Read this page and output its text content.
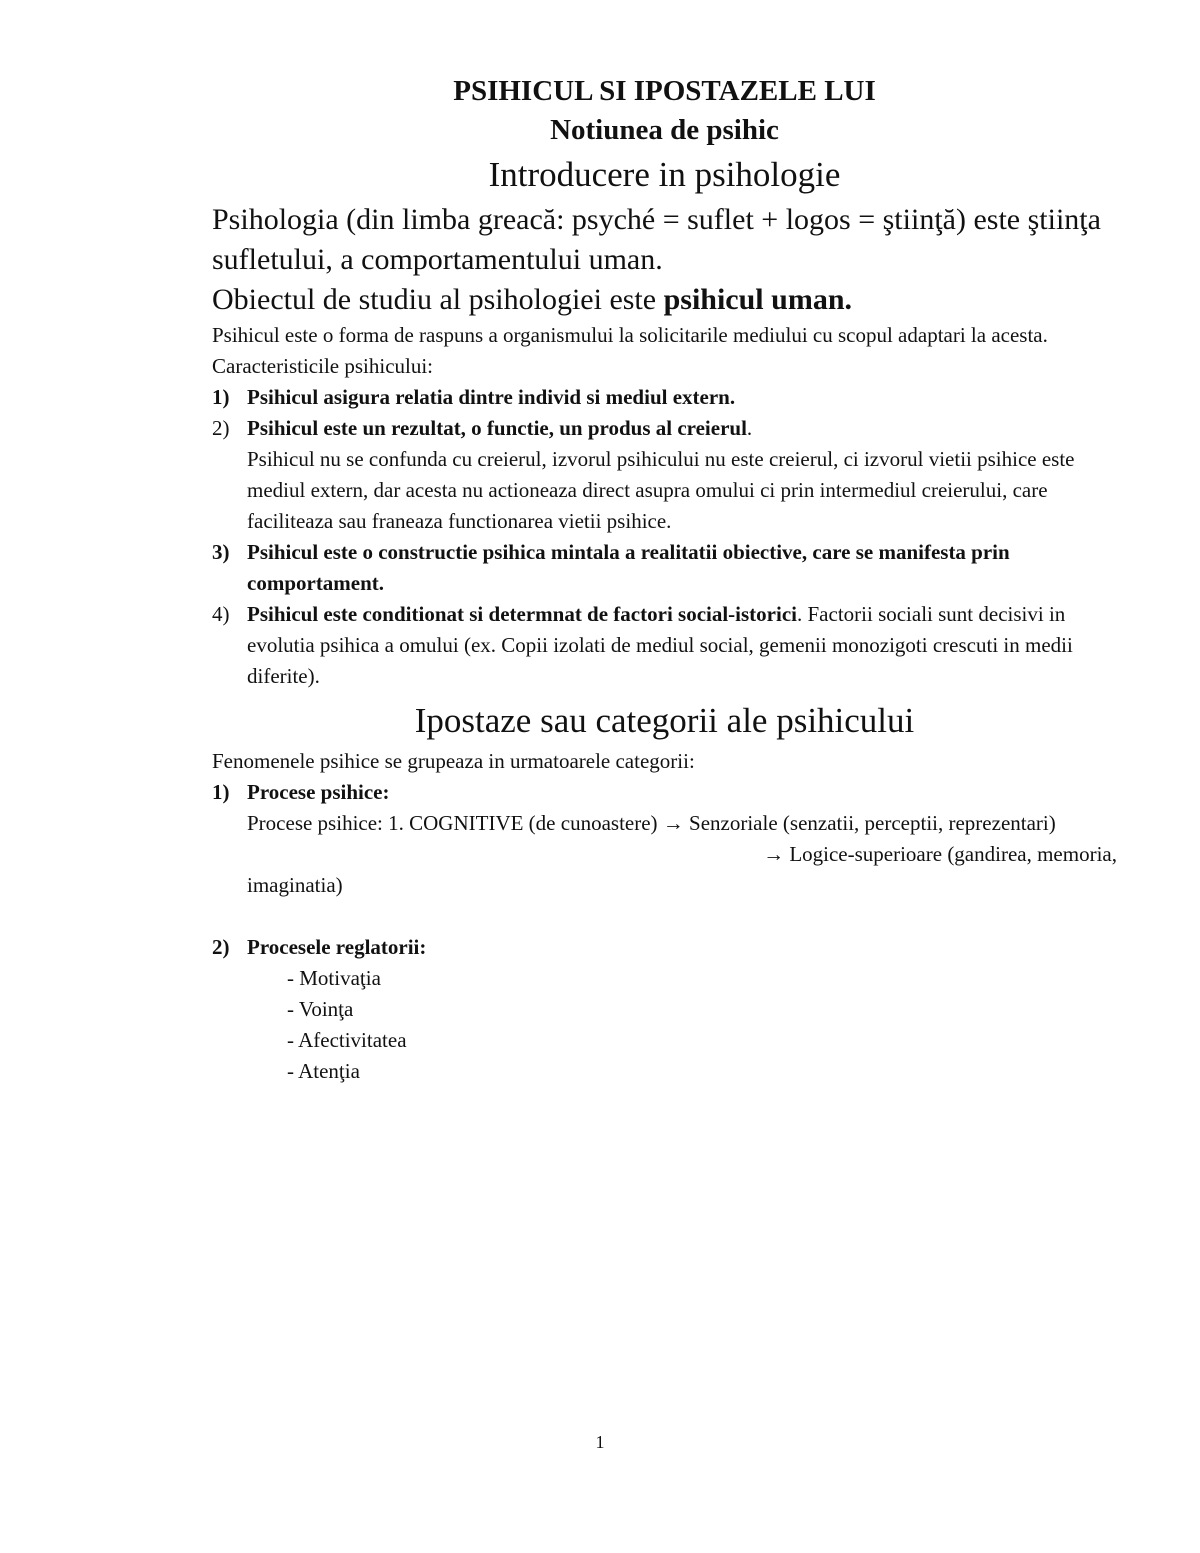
PSIHICUL SI IPOSTAZELE LUI

Notiunea de psihic

Introducere in psihologie

Psihologia (din limba greacă: psyché = suflet + logos = ştiinţă) este ştiinţa sufletului, a comportamentului uman.

Obiectul de studiu al psihologiei este psihicul uman.

Psihicul este o forma de raspuns a organismului la solicitarile mediului cu scopul adaptari la acesta.

Caracteristicile psihicului:

1) Psihicul asigura relatia dintre individ si mediul extern.
2) Psihicul este un rezultat, o functie, un produs al creierul.
Psihicul nu se confunda cu creierul, izvorul psihicului nu este creierul, ci izvorul vietii psihice este mediul extern, dar acesta nu actioneaza direct asupra omului ci prin intermediul creierului, care faciliteaza sau franeaza functionarea vietii psihice.
3) Psihicul este o constructie psihica mintala a realitatii obiective, care se manifesta prin comportament.
4) Psihicul este conditionat si determnat de factori social-istorici. Factorii sociali sunt decisivi in evolutia psihica a omului (ex. Copii izolati de mediul social, gemenii monozigoti crescuti in medii diferite).

Ipostaze sau categorii ale psihicului

Fenomenele psihice se grupeaza in urmatoarele categorii:

1) Procese psihice:
Procese psihice: 1. COGNITIVE (de cunoastere) → Senzoriale (senzatii, perceptii, reprezentari)
→ Logice-superioare (gandirea, memoria,
imaginatia)
2) Procesele reglatorii:
- Motivaţia
- Voinţa
- Afectivitatea
- Atenţia
1
